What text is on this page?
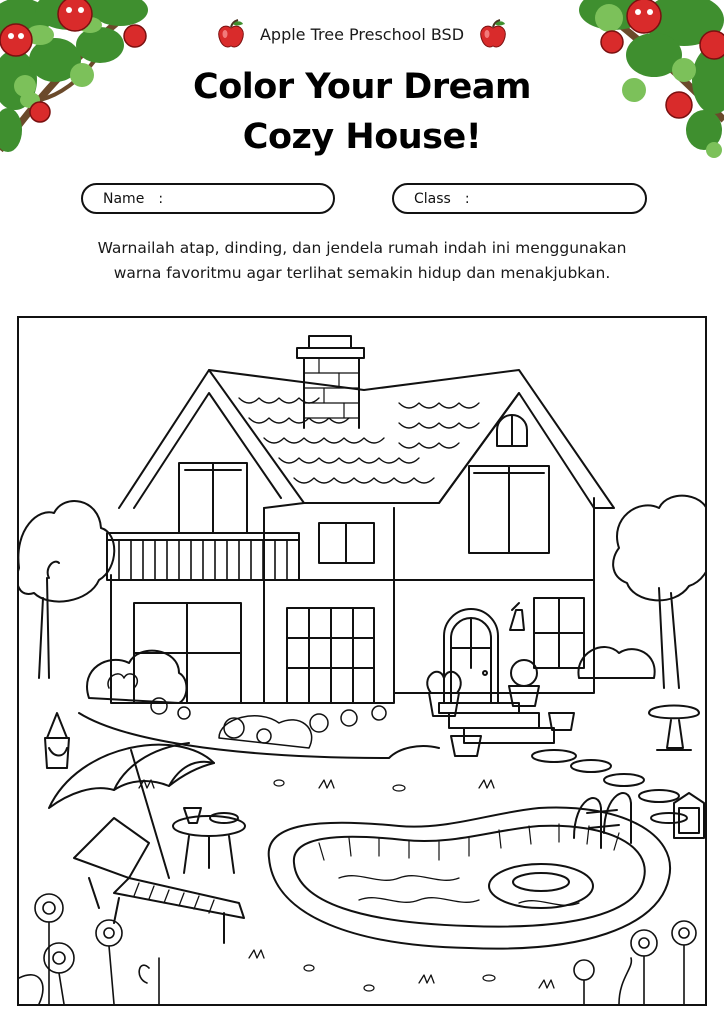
Apple Tree Preschool BSD
Color Your Dream
Cozy House!
Name :	Class :
Warnailah atap, dinding, dan jendela rumah indah ini menggunakan
warna favoritmu agar terlihat semakin hidup dan menakjubkan.
